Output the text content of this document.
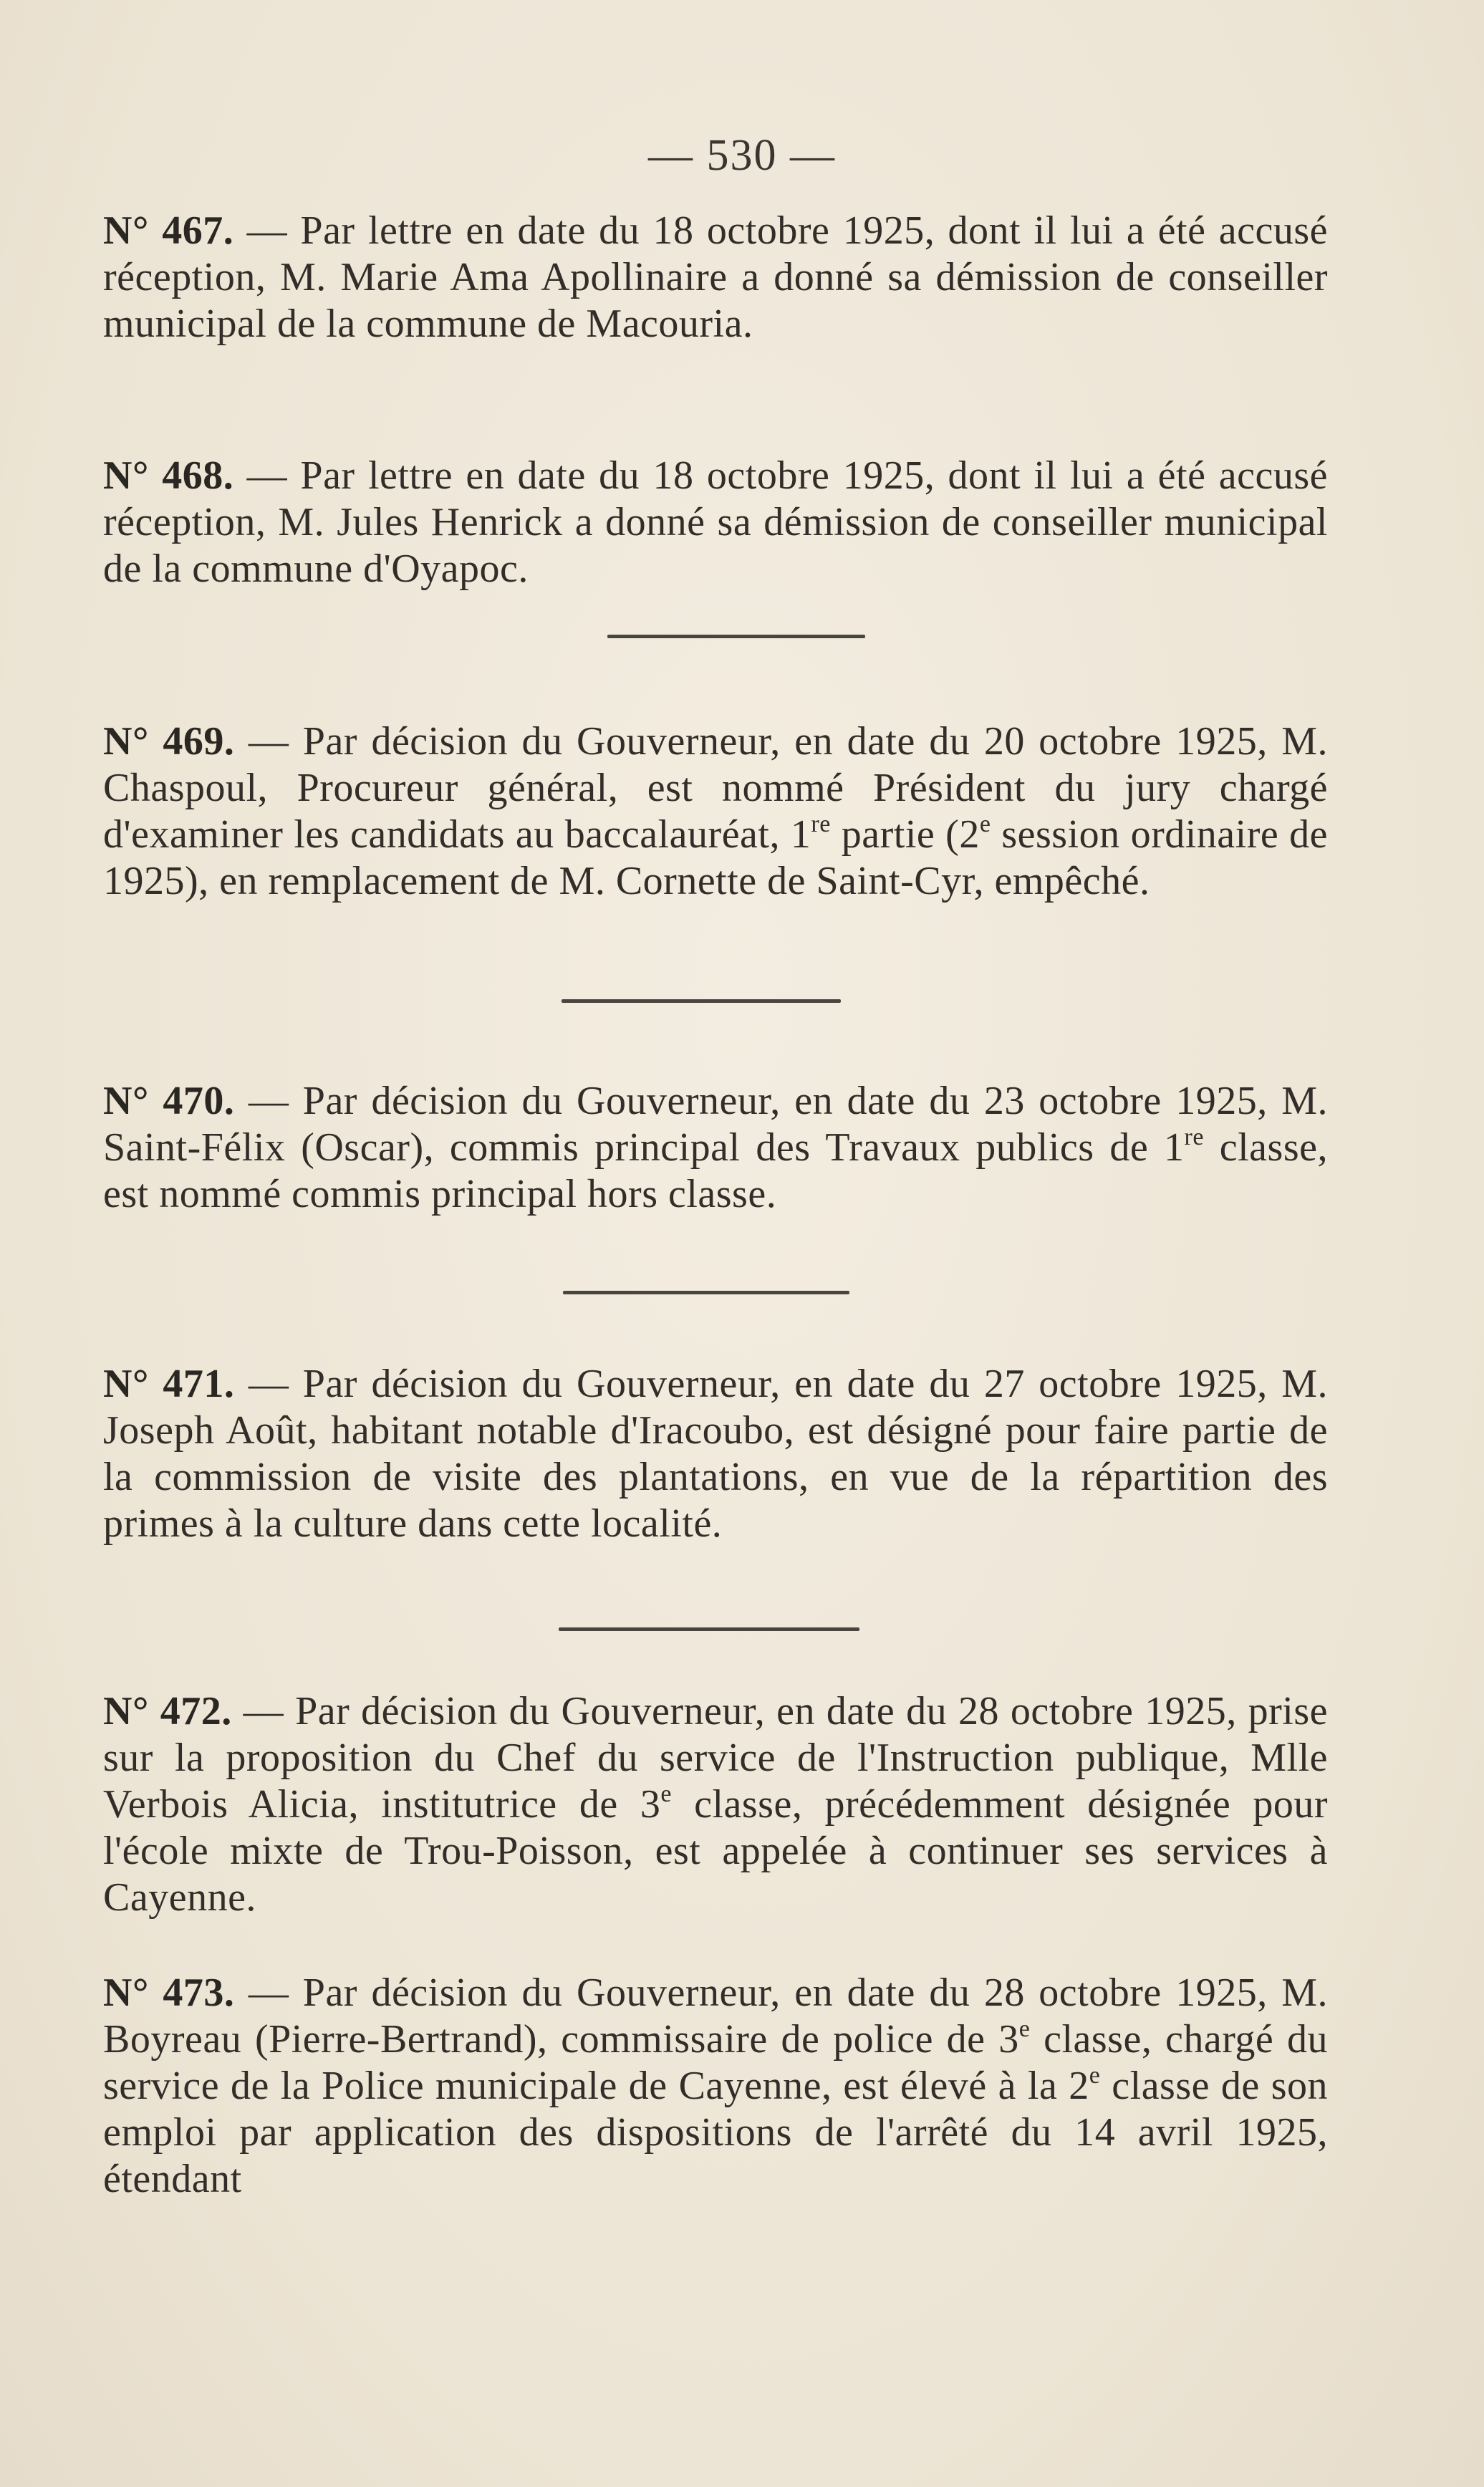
— 530 —
N° 467. — Par lettre en date du 18 octobre 1925, dont il lui a été accusé réception, M. Marie Ama Apollinaire a donné sa démission de conseiller municipal de la commune de Macouria.
N° 468. — Par lettre en date du 18 octobre 1925, dont il lui a été accusé réception, M. Jules Henrick a donné sa démission de conseiller municipal de la commune d'Oyapoc.
N° 469. — Par décision du Gouverneur, en date du 20 octobre 1925, M. Chaspoul, Procureur général, est nommé Président du jury chargé d'examiner les candidats au baccalauréat, 1re partie (2e session ordinaire de 1925), en remplacement de M. Cornette de Saint-Cyr, empêché.
N° 470. — Par décision du Gouverneur, en date du 23 octobre 1925, M. Saint-Félix (Oscar), commis principal des Travaux publics de 1re classe, est nommé commis principal hors classe.
N° 471. — Par décision du Gouverneur, en date du 27 octobre 1925, M. Joseph Août, habitant notable d'Iracoubo, est désigné pour faire partie de la commission de visite des plantations, en vue de la répartition des primes à la culture dans cette localité.
N° 472. — Par décision du Gouverneur, en date du 28 octobre 1925, prise sur la proposition du Chef du service de l'Instruction publique, Mlle Verbois Alicia, institutrice de 3e classe, précédemment désignée pour l'école mixte de Trou-Poisson, est appelée à continuer ses services à Cayenne.
N° 473. — Par décision du Gouverneur, en date du 28 octobre 1925, M. Boyreau (Pierre-Bertrand), commissaire de police de 3e classe, chargé du service de la Police municipale de Cayenne, est élevé à la 2e classe de son emploi par application des dispositions de l'arrêté du 14 avril 1925, étendant
